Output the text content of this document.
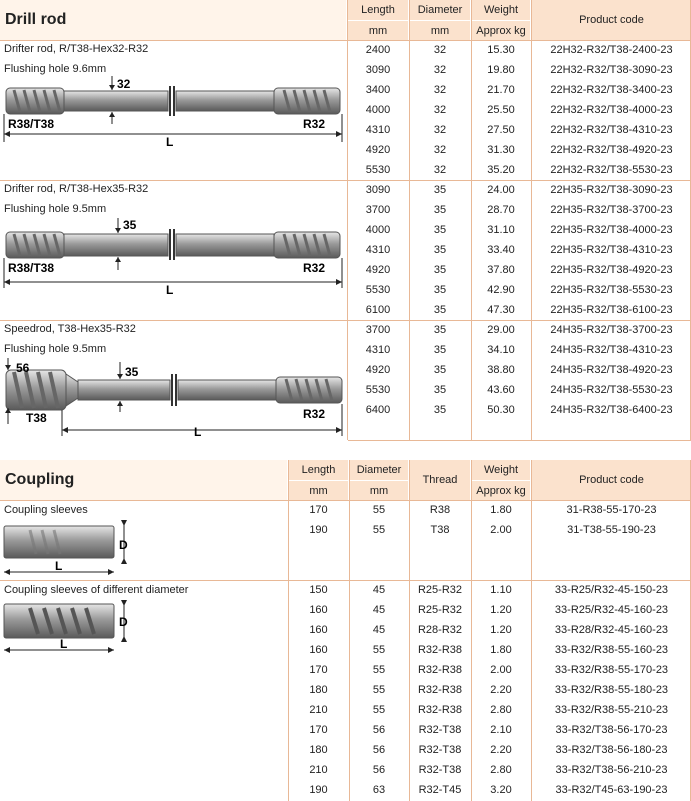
Drill rod
Length
mm
Diameter
mm
Weight
Approx kg
Product code
Drifter rod, R/T38-Hex32-R32
Flushing hole 9.6mm
Drifter rod, R/T38-Hex35-R32
Flushing hole 9.5mm
Speedrod, T38-Hex35-R32
Flushing hole 9.5mm
32
R38/T38	R32
L
35
R38/T38	R32
L
56	35
T38	R32
L
2400	32	15.30	22H32-R32/T38-2400-23
3090	32	19.80	22H32-R32/T38-3090-23
3400	32	21.70	22H32-R32/T38-3400-23
4000	32	25.50	22H32-R32/T38-4000-23
4310	32	27.50	22H32-R32/T38-4310-23
4920	32	31.30	22H32-R32/T38-4920-23
5530	32	35.20	22H32-R32/T38-5530-23
3090	35	24.00	22H35-R32/T38-3090-23
3700	35	28.70	22H35-R32/T38-3700-23
4000	35	31.10	22H35-R32/T38-4000-23
4310	35	33.40	22H35-R32/T38-4310-23
4920	35	37.80	22H35-R32/T38-4920-23
5530	35	42.90	22H35-R32/T38-5530-23
6100	35	47.30	22H35-R32/T38-6100-23
3700	35	29.00	24H35-R32/T38-3700-23
4310	35	34.10	24H35-R32/T38-4310-23
4920	35	38.80	24H35-R32/T38-4920-23
5530	35	43.60	24H35-R32/T38-5530-23
6400	35	50.30	24H35-R32/T38-6400-23
Coupling
Length
mm
Diameter
mm
Thread
Weight
Approx kg
Product code
Coupling sleeves
Coupling sleeves of different diameter
D
L
D
L
170	55	R38	1.80	31-R38-55-170-23
190	55	T38	2.00	31-T38-55-190-23
150	45	R25-R32	1.10	33-R25/R32-45-150-23
160	45	R25-R32	1.20	33-R25/R32-45-160-23
160	45	R28-R32	1.20	33-R28/R32-45-160-23
160	55	R32-R38	1.80	33-R32/R38-55-160-23
170	55	R32-R38	2.00	33-R32/R38-55-170-23
180	55	R32-R38	2.20	33-R32/R38-55-180-23
210	55	R32-R38	2.80	33-R32/R38-55-210-23
170	56	R32-T38	2.10	33-R32/T38-56-170-23
180	56	R32-T38	2.20	33-R32/T38-56-180-23
210	56	R32-T38	2.80	33-R32/T38-56-210-23
190	63	R32-T45	3.20	33-R32/T45-63-190-23
